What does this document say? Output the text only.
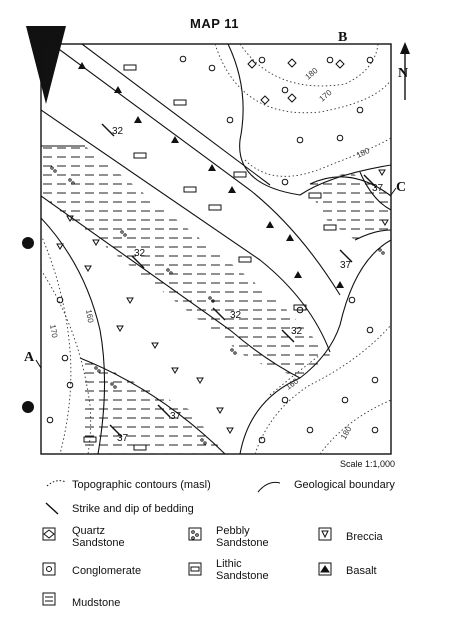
180
170
180
160
170
180
160
32
32
32
32
37
37
37
37

MAP 11

B

A

C

N

Scale 1:1,000

Topographic contours (masl)	Geological boundary

Strike and dip of bedding

Quartz Sandstone

Pebbly Sandstone	Breccia

Conglomerate

Lithic Sandstone	Basalt

Mudstone
